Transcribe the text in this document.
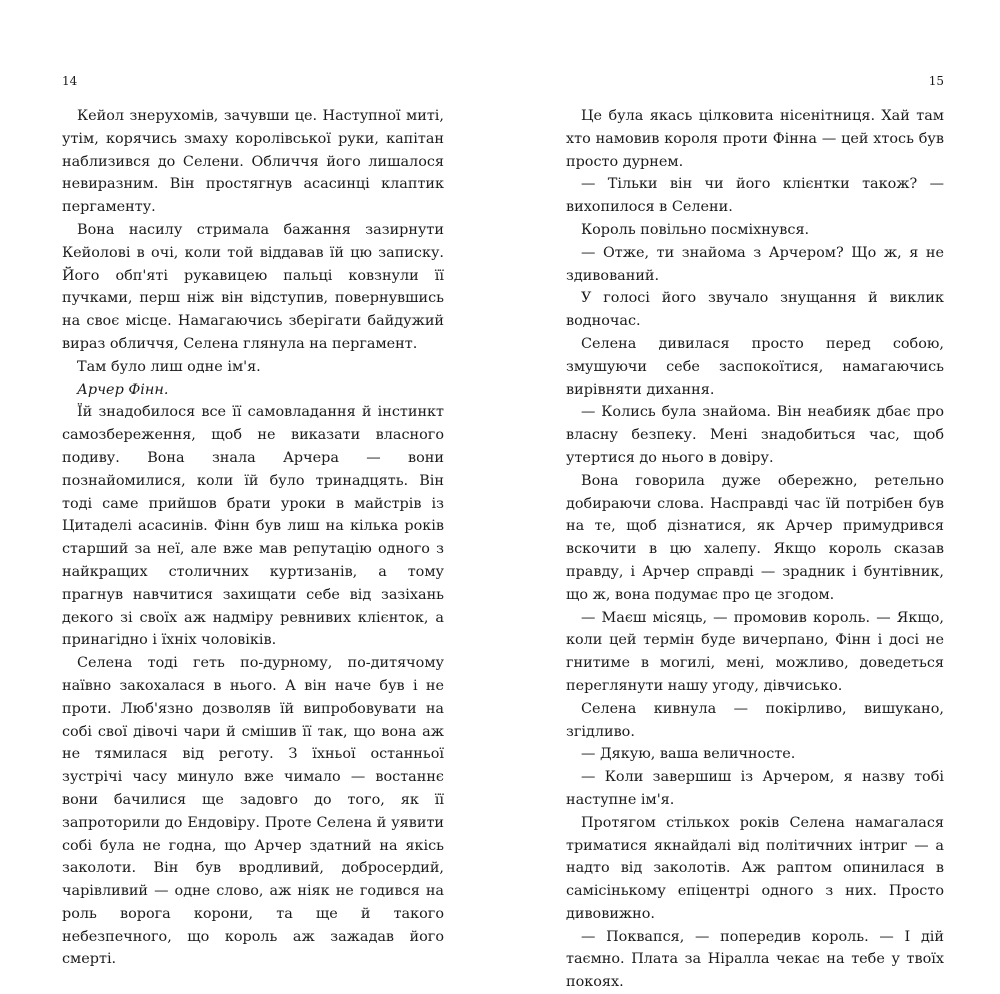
14

Кейол знерухомів, зачувши це. Наступної миті, утім, корячись змаху королівської руки, капітан наблизився до Селени. Обличчя його лишалося невиразним. Він простягнув асасинці клаптик пергаменту.

Вона насилу стримала бажання зазирнути Кейолові в очі, коли той віддавав їй цю записку. Його обп'яті рукавицею пальці ковзнули її пучками, перш ніж він відступив, повернувшись на своє місце. Намагаючись зберігати байдужий вираз обличчя, Селена глянула на пергамент.

Там було лиш одне ім'я.

Арчер Фінн.

Їй знадобилося все її самовладання й інстинкт самозбереження, щоб не виказати власного подиву. Вона знала Арчера — вони познайомилися, коли їй було тринадцять. Він тоді саме прийшов брати уроки в майстрів із Цитаделі асасинів. Фінн був лиш на кілька років старший за неї, але вже мав репутацію одного з найкращих столичних куртизанів, а тому прагнув навчитися захищати себе від зазіхань декого зі своїх аж надміру ревнивих клієнток, а принагідно і їхніх чоловіків.

Селена тоді геть по-дурному, по-дитячому наївно закохалася в нього. А він наче був і не проти. Люб'язно дозволяв їй випробовувати на собі свої дівочі чари й смішив її так, що вона аж не тямилася від реготу. З їхньої останньої зустрічі часу минуло вже чимало — востаннє вони бачилися ще задовго до того, як її запроторили до Ендовіру. Проте Селена й уявити собі була не годна, що Арчер здатний на якісь заколоти. Він був вродливий, добросердий, чарівливий — одне слово, аж ніяк не годився на роль ворога корони, та ще й такого небезпечного, що король аж зажадав його смерті.

15

Це була якась цілковита нісенітниця. Хай там хто намовив короля проти Фінна — цей хтось був просто дурнем.

— Тільки він чи його клієнтки також? — вихопилося в Селени.

Король повільно посміхнувся.

— Отже, ти знайома з Арчером? Що ж, я не здивований.

У голосі його звучало знущання й виклик водночас.

Селена дивилася просто перед собою, змушуючи себе заспокоїтися, намагаючись вирівняти дихання.

— Колись була знайома. Він неабияк дбає про власну безпеку. Мені знадобиться час, щоб утертися до нього в довіру.

Вона говорила дуже обережно, ретельно добираючи слова. Насправді час їй потрібен був на те, щоб дізнатися, як Арчер примудрився вскочити в цю халепу. Якщо король сказав правду, і Арчер справді — зрадник і бунтівник, що ж, вона подумає про це згодом.

— Маєш місяць, — промовив король. — Якщо, коли цей термін буде вичерпано, Фінн і досі не гнитиме в могилі, мені, можливо, доведеться переглянути нашу угоду, дівчисько.

Селена кивнула — покірливо, вишукано, згідливо.

— Дякую, ваша величносте.

— Коли завершиш із Арчером, я назву тобі наступне ім'я.

Протягом стількох років Селена намагалася триматися якнайдалі від політичних інтриг — а надто від заколотів. Аж раптом опинилася в самісінькому епіцентрі одного з них. Просто дивовижно.

— Поквапся, — попередив король. — І дій таємно. Плата за Ніралла чекає на тебе у твоїх покоях.
